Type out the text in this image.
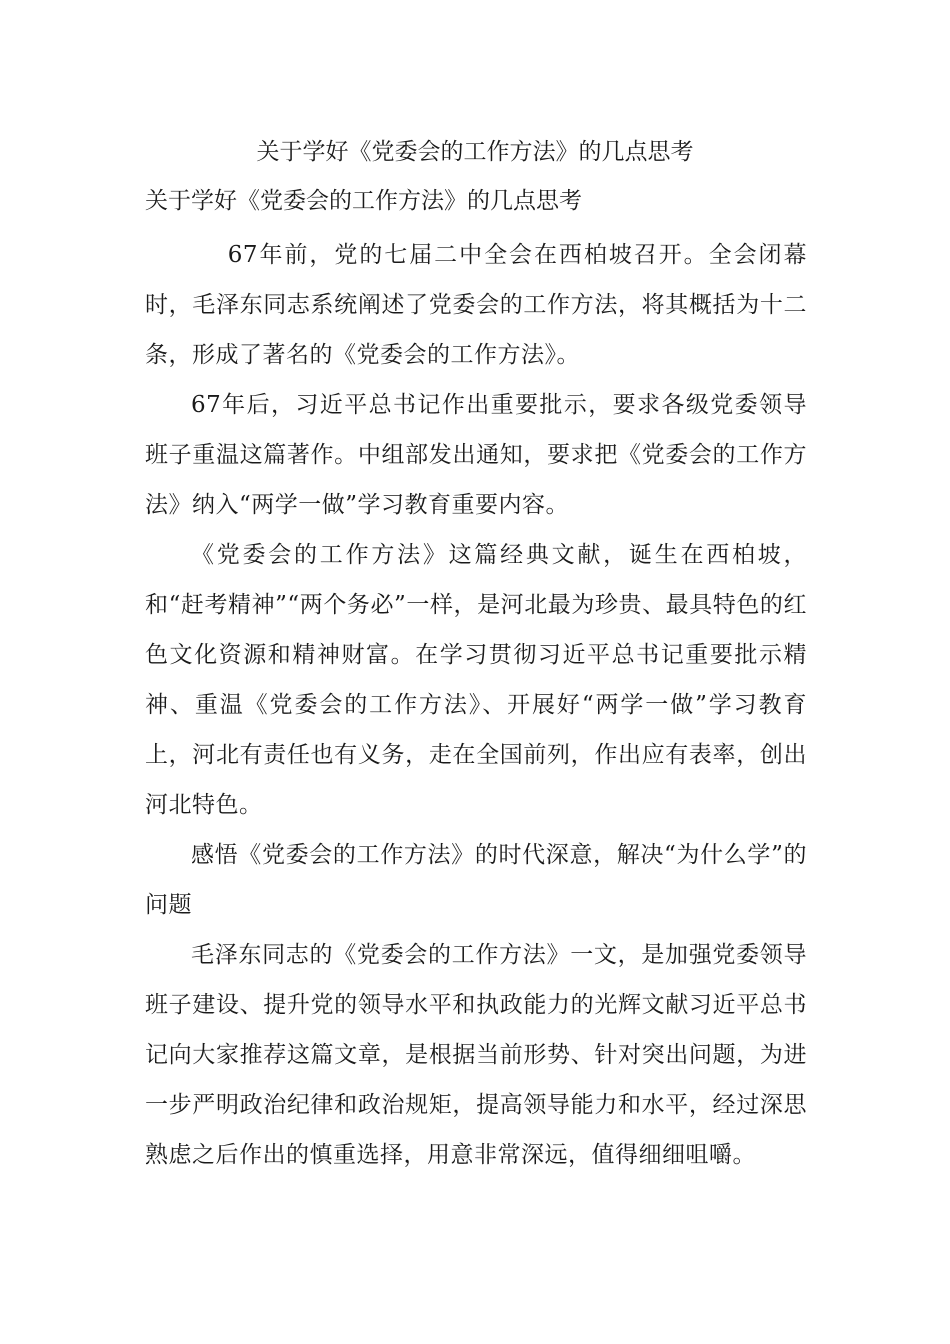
关于学好《党委会的工作方法》的几点思考

关于学好《党委会的工作方法》的几点思考

67年前，党的七届二中全会在西柏坡召开。全会闭幕时，毛泽东同志系统阐述了党委会的工作方法，将其概括为十二条，形成了著名的《党委会的工作方法》。

67年后，习近平总书记作出重要批示，要求各级党委领导班子重温这篇著作。中组部发出通知，要求把《党委会的工作方法》纳入“两学一做”学习教育重要内容。

《党委会的工作方法》这篇经典文献，诞生在西柏坡，和“赶考精神”“两个务必”一样，是河北最为珍贵、最具特色的红色文化资源和精神财富。在学习贯彻习近平总书记重要批示精神、重温《党委会的工作方法》、开展好“两学一做”学习教育上，河北有责任也有义务，走在全国前列，作出应有表率，创出河北特色。

感悟《党委会的工作方法》的时代深意，解决“为什么学”的问题

毛泽东同志的《党委会的工作方法》一文，是加强党委领导班子建设、提升党的领导水平和执政能力的光辉文献习近平总书记向大家推荐这篇文章，是根据当前形势、针对突出问题，为进一步严明政治纪律和政治规矩，提高领导能力和水平，经过深思熟虑之后作出的慎重选择，用意非常深远，值得细细咀嚼。
